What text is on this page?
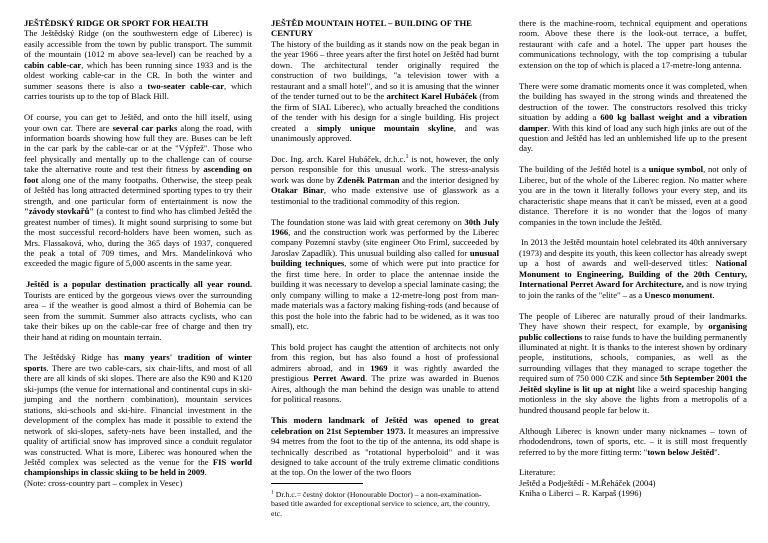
JEŠTĚDSKÝ RIDGE OR SPORT FOR HEALTH

The Ještědský Ridge (on the southwestern edge of Liberec) is easily accessible from the town by public transport. The summit of the mountain (1012 m above sea-level) can be reached by a cabin cable-car, which has been running since 1933 and is the oldest working cable-car in the CR. In both the winter and summer seasons there is also a two-seater cable-car, which carries tourists up to the top of Black Hill.

Of course, you can get to Ještěd, and onto the hill itself, using your own car. There are several car parks along the road, with information boards showing how full they are. Buses can be left in the car park by the cable-car or at the "Výpřež". Those who feel physically and mentally up to the challenge can of course take the alternative route and test their fitness by ascending on foot along one of the many footpaths. Otherwise, the steep peak of Ještěd has long attracted determined sporting types to try their strength, and one particular form of entertainment is now the "závody stovkařů" (a contest to find who has climbed Ještěd the greatest number of times). It might sound surprising to some but the most successful record-holders have been women, such as Mrs. Flassaková, who, during the 365 days of 1937, conquered the peak a total of 709 times, and Mrs. Mandelínková who exceeded the magic figure of 5,000 ascents in the same year.

Ještěd is a popular destination practically all year round. Tourists are enticed by the gorgeous views over the surrounding area – if the weather is good almost a third of Bohemia can be seen from the summit. Summer also attracts cyclists, who can take their bikes up on the cable-car free of charge and then try their hand at riding on mountain terrain.

The Ještědský Ridge has many years' tradition of winter sports. There are two cable-cars, six chair-lifts, and most of all there are all kinds of ski slopes. There are also the K90 and K120 ski-jumps (the venue for international and continental cups in ski-jumping and the northern combination), mountain services stations, ski-schools and ski-hire. Financial investment in the development of the complex has made it possible to extend the network of ski-slopes, safety-nets have been installed, and the quality of artificial snow has improved since a conduit regulator was constructed. What is more, Liberec was honoured when the Ještěd complex was selected as the venue for the FIS world championships in classic skiing to be held in 2009.

(Note: cross-country part – complex in Vesec)

JEŠTĚD MOUNTAIN HOTEL – BUILDING OF THE CENTURY

The history of the building as it stands now on the peak began in the year 1966 – three years after the first hotel on Ještěd had burnt down. The architectural tender originally required the construction of two buildings, "a television tower with a restaurant and a small hotel", and so it is amusing that the winner of the tender turned out to be the architect Karel Hubáček (from the firm of SIAL Liberec), who actually breached the conditions of the tender with his design for a single building. His project created a simply unique mountain skyline, and was unanimously approved.

Doc. Ing. arch. Karel Hubáček, dr.h.c.$^1$ is not, however, the only person responsible for this unusual work. The stress-analysis work was done by Zdeněk Patrman and the interior designed by Otakar Binar, who made extensive use of glasswork as a testimonial to the traditional commodity of this region.

The foundation stone was laid with great ceremony on 30th July 1966, and the construction work was performed by the Liberec company Pozemní stavby (site engineer Oto Friml, succeeded by Jaroslav Zapadlík). This unusual building also called for unusual building techniques, some of which were put into practice for the first time here. In order to place the antennae inside the building it was necessary to develop a special laminate casing; the only company willing to make a 12-metre-long post from man-made materials was a factory making fishing-rods (and because of this post the hole into the fabric had to be widened, as it was too small), etc.

This bold project has caught the attention of architects not only from this region, but has also found a host of professional admirers abroad, and in 1969 it was rightly awarded the prestigious Perret Award. The prize was awarded in Buenos Aires, although the man behind the design was unable to attend for political reasons.

This modern landmark of Ještěd was opened to great celebration on 21st September 1973. It measures an impressive 94 metres from the foot to the tip of the antenna, its odd shape is technically described as "rotational hyperboloid" and it was designed to take account of the truly extreme climatic conditions at the top. On the lower of the two floors

$^1$ Dr.h.c.= čestný doktor (Honourable Doctor) – a non-examination-based title awarded for exceptional service to science, art, the country, etc.

there is the machine-room, technical equipment and operations room. Above these there is the look-out terrace, a buffet, restaurant with cafe and a hotel. The upper part houses the communications technology, with the top comprising a tubular extension on the top of which is placed a 17-metre-long antenna.

There were some dramatic moments once it was completed, when the building has swayed in the strong winds and threatened the destruction of the tower. The constructors resolved this tricky situation by adding a 600 kg ballast weight and a vibration damper. With this kind of load any such high jinks are out of the question and Ještěd has led an unblemished life up to the present day.

The building of the Ještěd hotel is a unique symbol, not only of Liberec, but of the whole of the Liberec region. No matter where you are in the town it literally follows your every step, and its characteristic shape means that it can't be missed, even at a good distance. Therefore it is no wonder that the logos of many companies in the town include the Ještěd.

In 2013 the Ještěd mountain hotel celebrated its 40th anniversary (1973) and despite its youth, this keen collector has already swept up a host of awards and well-deserved titles: National Monument to Engineering, Building of the 20th Century, International Perret Award for Architecture, and is now trying to join the ranks of the "elite" – as a Unesco monument.

The people of Liberec are naturally proud of their landmarks. They have shown their respect, for example, by organising public collections to raise funds to have the building permanently illuminated at night. It is thanks to the interest shown by ordinary people, institutions, schools, companies, as well as the surrounding villages that they managed to scrape together the required sum of 750 000 CZK and since 5th September 2001 the Ještěd skyline is lit up at night like a weird spaceship hanging motionless in the sky above the lights from a metropolis of a hundred thousand people far below it.

Although Liberec is known under many nicknames – town of rhododendrons, town of sports, etc. – it is still most frequently referred to by the more fitting term: "town below Ještěd".

Literature:
Ještěd a Podještědí - M.Řeháček (2004)
Kniha o Liberci – R. Karpaš (1996)
